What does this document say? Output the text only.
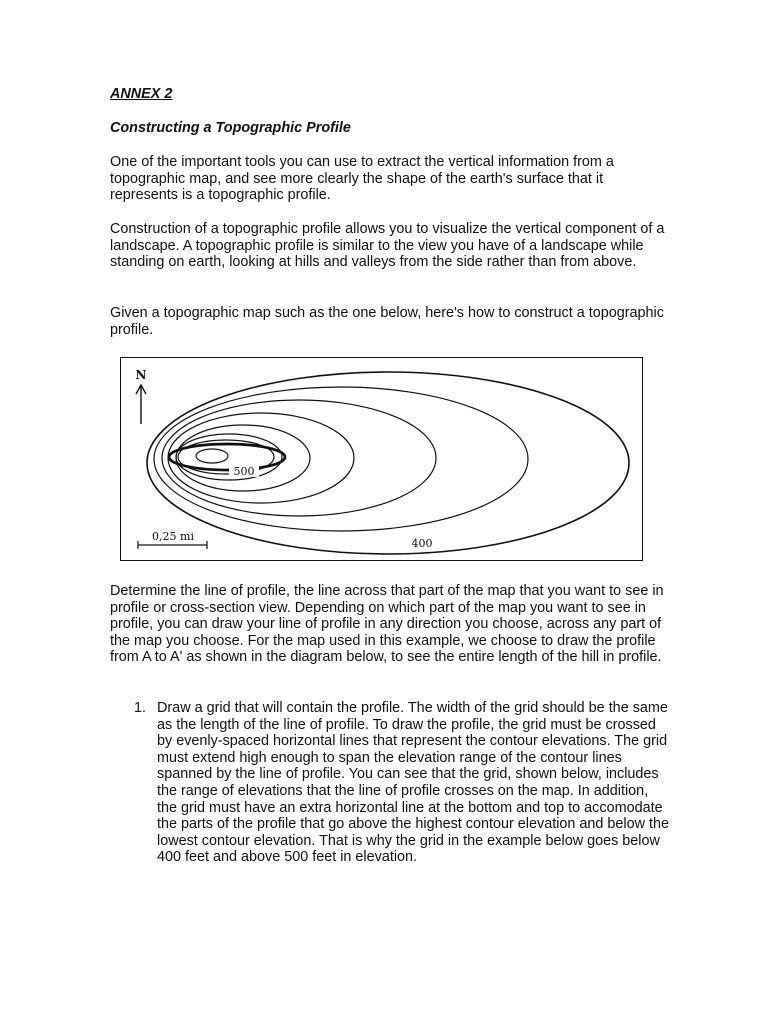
ANNEX 2
Constructing a Topographic Profile

One of the important tools you can use to extract the vertical information from a topographic map, and see more clearly the shape of the earth's surface that it represents is a topographic profile.

Construction of a topographic profile allows you to visualize the vertical component of a landscape. A topographic profile is similar to the view you have of a landscape while standing on earth, looking at hills and valleys from the side rather than from above.

Given a topographic map such as the one below, here's how to construct a topographic profile.

N
500
400
0,25 mi

Determine the line of profile, the line across that part of the map that you want to see in profile or cross-section view. Depending on which part of the map you want to see in profile, you can draw your line of profile in any direction you choose, across any part of the map you choose. For the map used in this example, we choose to draw the profile from A to A' as shown in the diagram below, to see the entire length of the hill in profile.

1. Draw a grid that will contain the profile. The width of the grid should be the same as the length of the line of profile. To draw the profile, the grid must be crossed by evenly-spaced horizontal lines that represent the contour elevations. The grid must extend high enough to span the elevation range of the contour lines spanned by the line of profile. You can see that the grid, shown below, includes the range of elevations that the line of profile crosses on the map. In addition, the grid must have an extra horizontal line at the bottom and top to accomodate the parts of the profile that go above the highest contour elevation and below the lowest contour elevation. That is why the grid in the example below goes below 400 feet and above 500 feet in elevation.
